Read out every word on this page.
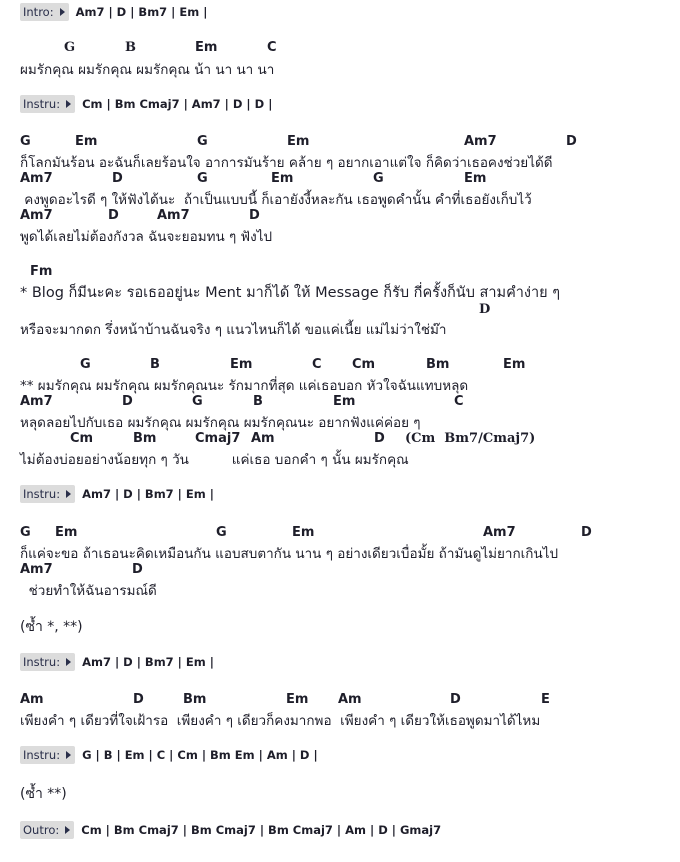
Intro: Am7 | D | Bm7 | Em |

G

	B

	Em

	C

ผมรักคุณ ผมรักคุณ ผมรักคุณ น้า นา นา นา
Instru: Cm | Bm Cmaj7 | Am7 | D | D |

G

	Em

	G

	Em

	Am7

	D

ก็โลกมันร้อน อะฉันก็เลยร้อนใจ อาการมันร้าย คล้าย ๆ อยากเอาแต่ใจ ก็คิดว่าเธอคงช่วยได้ดี

Am7

	D

	G

	Em

	G

	Em

คงพูดอะไรดี ๆ ให้ฟังได้นะ  ถ้าเป็นแบบนี้ ก็เอายังงี้หละกัน เธอพูดคำนั้น คำที่เธอยังเก็บไว้

Am7

	D

	Am7

	D

พูดได้เลยไม่ต้องกังวล ฉันจะยอมทน ๆ ฟังไป

Fm

* Blog ก็มีนะคะ รอเธออยู่นะ Ment มาก็ได้ ให้ Message ก็รับ กี่ครั้งก็นับ สามคำง่าย ๆ

D

หรือจะมากดก รึ่งหน้าบ้านฉันจริง ๆ แนวไหนก็ได้ ขอแค่เนี้ย แม่ไม่ว่าใช่ม๊า

G

	B

	Em

	C

Cm

	Bm

	Em

** ผมรักคุณ ผมรักคุณ ผมรักคุณนะ รักมากที่สุด แค่เธอบอก หัวใจฉันแทบหลุด

Am7

	D

	G

	B

	Em

	C

หลุดลอยไปกับเธอ ผมรักคุณ ผมรักคุณ ผมรักคุณนะ อยากฟังแค่ค่อย ๆ

Cm

	Bm

	Cmaj7

Am

	D

(Cm  Bm7/Cmaj7)

ไม่ต้องบ่อยอย่างน้อยทุก ๆ วัน          แค่เธอ บอกคำ ๆ นั้น ผมรักคุณ
Instru: Am7 | D | Bm7 | Em |

G

Em

	G

	Em

	Am7

	D

ก็แค่จะขอ ถ้าเธอนะคิดเหมือนกัน แอบสบตากัน นาน ๆ อย่างเดียวเบื่อมั้ย ถ้ามันดูไม่ยากเกินไป

Am7

	D

ช่วยทำให้ฉันอารมณ์ดี
(ซ้ำ *, **)
Instru: Am7 | D | Bm7 | Em |

Am

	D

	Bm

	Em

Am

	D

	E

เพียงคำ ๆ เดียวที่ใจเฝ้ารอ  เพียงคำ ๆ เดียวก็คงมากพอ  เพียงคำ ๆ เดียวให้เธอพูดมาได้ไหม
Instru: G | B | Em | C | Cm | Bm Em | Am | D |
(ซ้ำ **)
Outro: Cm | Bm Cmaj7 | Bm Cmaj7 | Bm Cmaj7 | Am | D | Gmaj7
